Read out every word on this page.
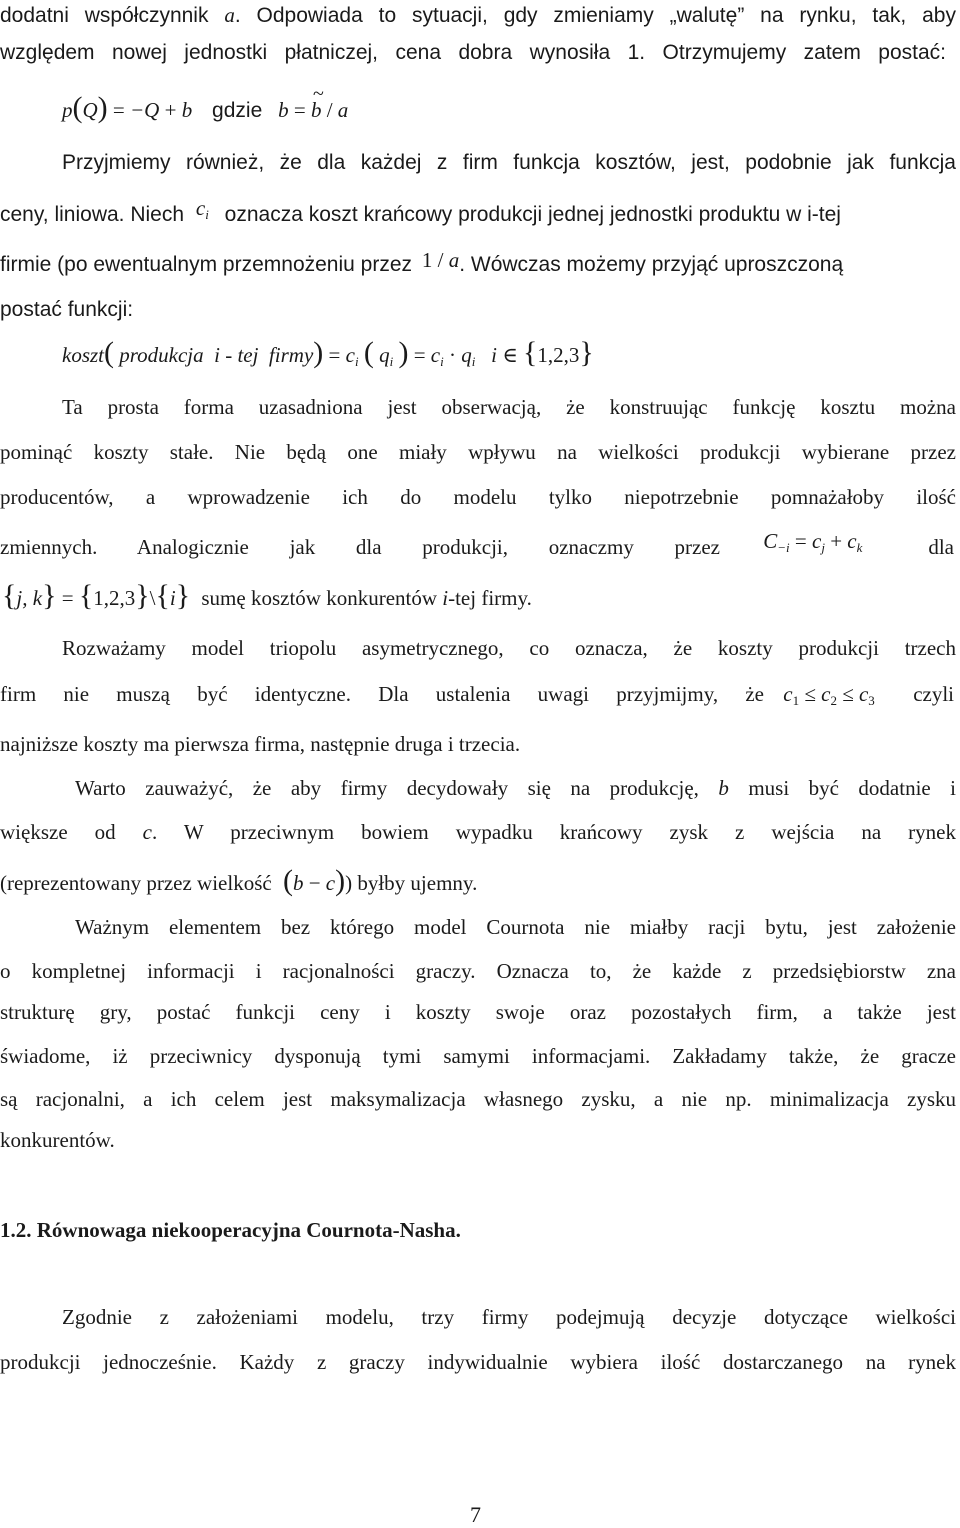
dodatni współczynnik a. Odpowiada to sytuacji, gdy zmieniamy „walutę” na rynku, tak, aby
względem nowej jednostki płatniczej, cena dobra wynosiła 1. Otrzymujemy zatem postać:
p(Q) = −Q + b gdzie b = ~ b / a
Przyjmiemy również, że dla każdej z firm funkcja kosztów, jest, podobnie jak funkcja
ceny, liniowa. Niech $c_i$ oznacza koszt krańcowy produkcji jednej jednostki produktu w i-tej
firmie (po ewentualnym przemnożeniu przez 1 / a. Wówczas możemy przyjąć uproszczoną
postać funkcji:
koszt( produkcja  i - tej  firmy) = $c_i$ ( $q_i$ ) = $c_i \cdot q_i$   i ∈ {1,2,3}
Ta prosta forma uzasadniona jest obserwacją, że konstruując funkcję kosztu można
pominąć koszty stałe. Nie będą one miały wpływu na wielkości produkcji wybierane przez
producentów, a wprowadzenie ich do modelu tylko niepotrzebnie pomnażałoby ilość
zmiennych. Analogicznie jak dla produkcji, oznaczmy przez $C_{-i} = c_j + c_k$	dla
{j, k} = {1,2,3}\{i} sumę kosztów konkurentów i-tej firmy.
Rozważamy model triopolu asymetrycznego, co oznacza, że koszty produkcji trzech
firm nie muszą być identyczne. Dla ustalenia uwagi przyjmijmy, że $c_1 \le c_2 \le c_3$ czyli
najniższe koszty ma pierwsza firma, następnie druga i trzecia.
Warto zauważyć, że aby firmy decydowały się na produkcję, b musi być dodatnie i
większe od c. W przeciwnym bowiem wypadku krańcowy zysk z wejścia na rynek
(reprezentowany przez wielkość (b − c)) byłby ujemny.
Ważnym elementem bez którego model Cournota nie miałby racji bytu, jest założenie
o kompletnej informacji i racjonalności graczy. Oznacza to, że każde z przedsiębiorstw zna
strukturę gry, postać funkcji ceny i koszty swoje oraz pozostałych firm, a także jest
świadome, iż przeciwnicy dysponują tymi samymi informacjami. Zakładamy także, że gracze
są racjonalni, a ich celem jest maksymalizacja własnego zysku, a nie np. minimalizacja zysku
konkurentów.
1.2. Równowaga niekooperacyjna Cournota-Nasha.
Zgodnie z założeniami modelu, trzy firmy podejmują decyzje dotyczące wielkości
produkcji jednocześnie. Każdy z graczy indywidualnie wybiera ilość dostarczanego na rynek
7
